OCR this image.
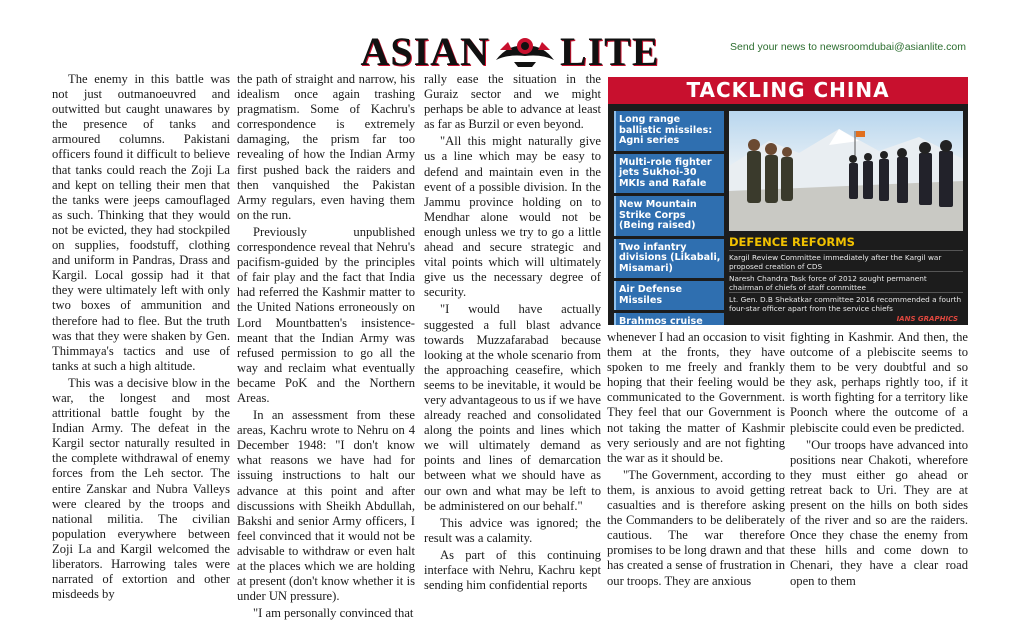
ASIAN LITE	Send your news to newsroomdubai@asianlite.com

The enemy in this battle was not just outmanoeuvred and outwitted but caught unawares by the presence of tanks and armoured columns. Pakistani officers found it difficult to believe that tanks could reach the Zoji La and kept on telling their men that the tanks were jeeps camouflaged as such. Thinking that they would not be evicted, they had stockpiled on supplies, foodstuff, clothing and uniform in Pandras, Drass and Kargil. Local gossip had it that they were ultimately left with only two boxes of ammunition and therefore had to flee. But the truth was that they were shaken by Gen. Thimmaya's tactics and use of tanks at such a high altitude.

This was a decisive blow in the war, the longest and most attritional battle fought by the Indian Army. The defeat in the Kargil sector naturally resulted in the complete withdrawal of enemy forces from the Leh sector. The entire Zanskar and Nubra Valleys were cleared by the troops and national militia. The civilian population everywhere between Zoji La and Kargil welcomed the liberators. Harrowing tales were narrated of extortion and other misdeeds by

the path of straight and narrow, his idealism once again trashing pragmatism. Some of Kachru's correspondence is extremely damaging, the prism far too revealing of how the Indian Army first pushed back the raiders and then vanquished the Pakistan Army regulars, even having them on the run.

Previously unpublished correspondence reveal that Nehru's pacifism-guided by the principles of fair play and the fact that India had referred the Kashmir matter to the United Nations erroneously on Lord Mountbatten's insistence- meant that the Indian Army was refused permission to go all the way and reclaim what eventually became PoK and the Northern Areas.

In an assessment from these areas, Kachru wrote to Nehru on 4 December 1948: "I don't know what reasons we have had for issuing instructions to halt our advance at this point and after discussions with Sheikh Abdullah, Bakshi and senior Army officers, I feel convinced that it would not be advisable to withdraw or even halt at the places which we are holding at present (don't know whether it is under UN pressure).

"I am personally convinced that

rally ease the situation in the Guraiz sector and we might perhaps be able to advance at least as far as Burzil or even beyond.

"All this might naturally give us a line which may be easy to defend and maintain even in the event of a possible division. In the Jammu province holding on to Mendhar alone would not be enough unless we try to go a little ahead and secure strategic and vital points which will ultimately give us the necessary degree of security.

"I would have actually suggested a full blast advance towards Muzzafarabad because looking at the whole scenario from the approaching ceasefire, which seems to be inevitable, it would be very advantageous to us if we have already reached and consolidated along the points and lines which we will ultimately demand as points and lines of demarcation between what we should have as our own and what may be left to be administered on our behalf."

This advice was ignored; the result was a calamity.

As part of this continuing interface with Nehru, Kachru kept sending him confidential reports

TACKLING CHINA
Long range ballistic missiles: Agni series
Multi-role fighter jets Sukhoi-30 MKIs and Rafale
New Mountain Strike Corps (Being raised)
Two infantry divisions (Likabali, Misamari)
Air Defense Missiles
Brahmos cruise
DEFENCE REFORMS
Kargil Review Committee immediately after the Kargil war proposed creation of CDS
Naresh Chandra Task force of 2012 sought permanent chairman of chiefs of staff committee
Lt. Gen. D.B Shekatkar committee 2016 recommended a fourth four-star officer apart from the service chiefs
IANS GRAPHICS

whenever I had an occasion to visit them at the fronts, they have spoken to me freely and frankly hoping that their feeling would be communicated to the Government. They feel that our Government is not taking the matter of Kashmir very seriously and are not fighting the war as it should be.

"The Government, according to them, is anxious to avoid getting casualties and is therefore asking the Commanders to be deliberately cautious. The war therefore promises to be long drawn and that has created a sense of frustration in our troops. They are anxious

fighting in Kashmir. And then, the outcome of a plebiscite seems to them to be very doubtful and so they ask, perhaps rightly too, if it is worth fighting for a territory like Poonch where the outcome of a plebiscite could even be predicted.

"Our troops have advanced into positions near Chakoti, wherefore they must either go ahead or retreat back to Uri. They are at present on the hills on both sides of the river and so are the raiders. Once they chase the enemy from these hills and come down to Chenari, they have a clear road open to them
